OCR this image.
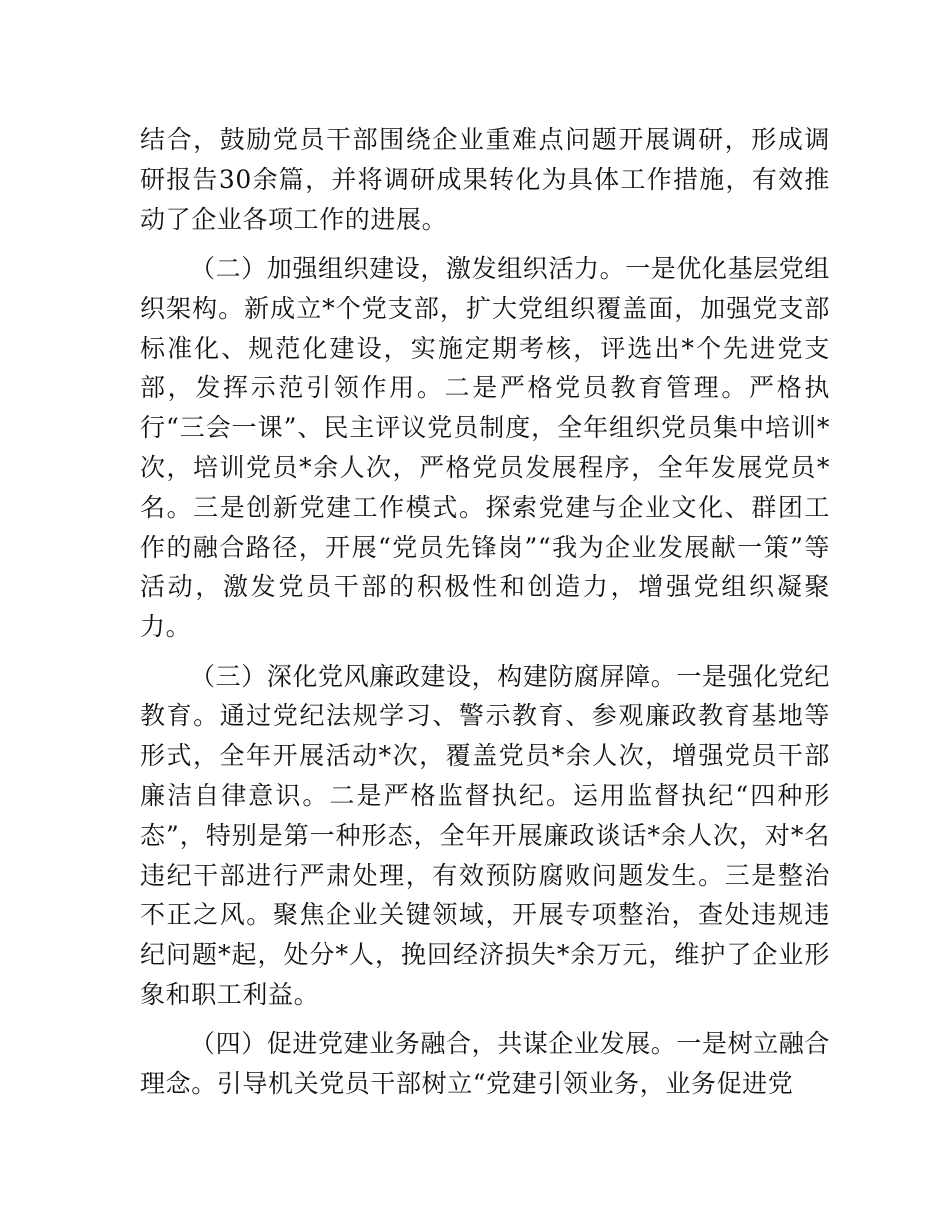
结合，鼓励党员干部围绕企业重难点问题开展调研，形成调研报告30余篇，并将调研成果转化为具体工作措施，有效推动了企业各项工作的进展。

（二）加强组织建设，激发组织活力。一是优化基层党组织架构。新成立*个党支部，扩大党组织覆盖面，加强党支部标准化、规范化建设，实施定期考核，评选出*个先进党支部，发挥示范引领作用。二是严格党员教育管理。严格执行“三会一课”、民主评议党员制度，全年组织党员集中培训*次，培训党员*余人次，严格党员发展程序，全年发展党员*名。三是创新党建工作模式。探索党建与企业文化、群团工作的融合路径，开展“党员先锋岗”“我为企业发展献一策”等活动，激发党员干部的积极性和创造力，增强党组织凝聚力。

（三）深化党风廉政建设，构建防腐屏障。一是强化党纪教育。通过党纪法规学习、警示教育、参观廉政教育基地等形式，全年开展活动*次，覆盖党员*余人次，增强党员干部廉洁自律意识。二是严格监督执纪。运用监督执纪“四种形态”，特别是第一种形态，全年开展廉政谈话*余人次，对*名违纪干部进行严肃处理，有效预防腐败问题发生。三是整治不正之风。聚焦企业关键领域，开展专项整治，查处违规违纪问题*起，处分*人，挽回经济损失*余万元，维护了企业形象和职工利益。

（四）促进党建业务融合，共谋企业发展。一是树立融合理念。引导机关党员干部树立“党建引领业务，业务促进党
